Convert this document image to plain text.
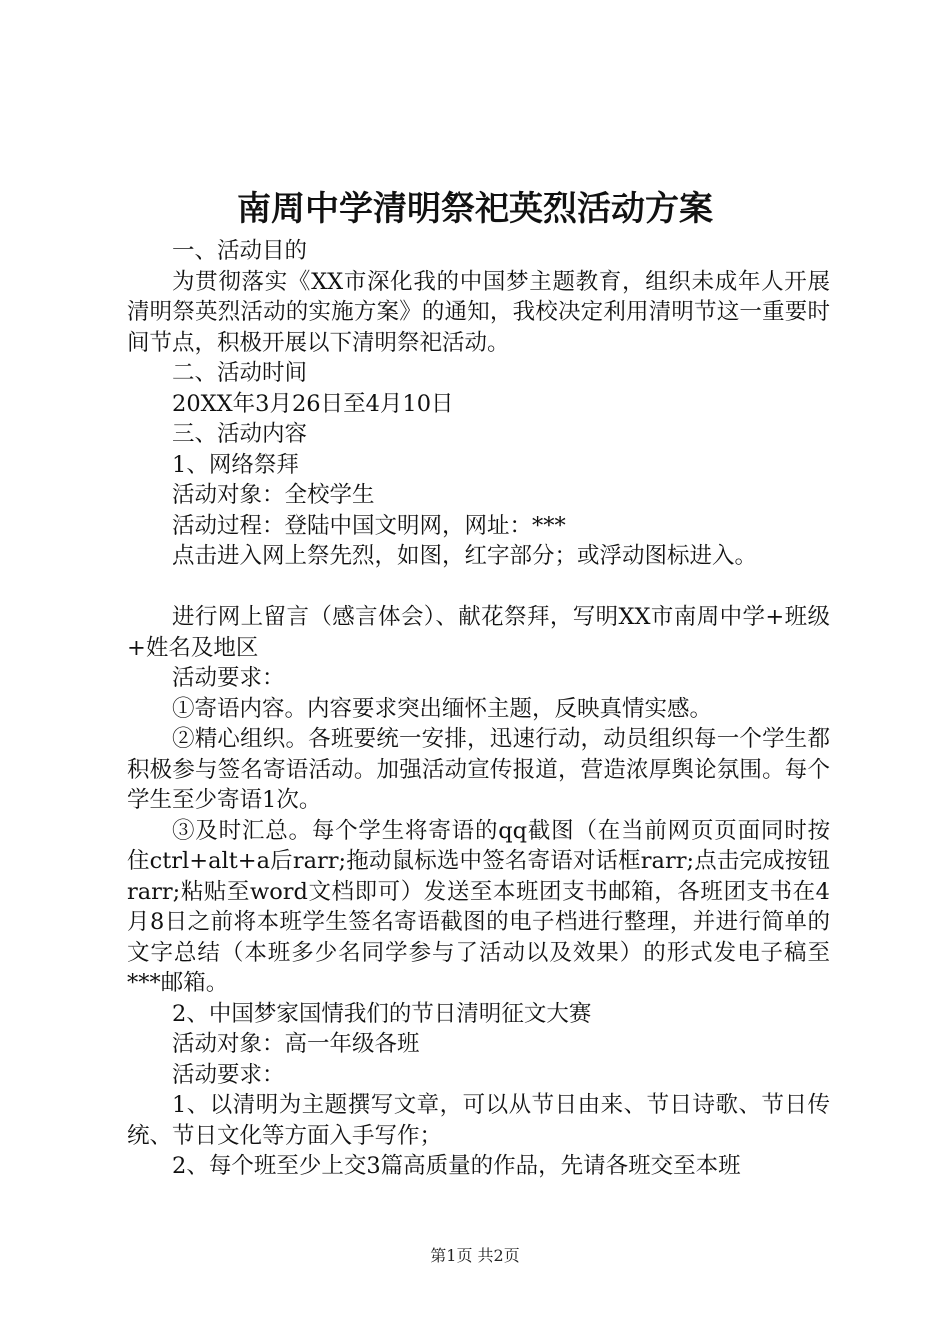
南周中学清明祭祀英烈活动方案

一、活动目的

为贯彻落实《XX市深化我的中国梦主题教育，组织未成年人开展清明祭英烈活动的实施方案》的通知，我校决定利用清明节这一重要时间节点，积极开展以下清明祭祀活动。

二、活动时间

20XX年3月26日至4月10日

三、活动内容

1、网络祭拜

活动对象：全校学生

活动过程：登陆中国文明网，网址：***

点击进入网上祭先烈，如图，红字部分；或浮动图标进入。

进行网上留言（感言体会）、献花祭拜，写明XX市南周中学+班级+姓名及地区

活动要求：

①寄语内容。内容要求突出缅怀主题，反映真情实感。

②精心组织。各班要统一安排，迅速行动，动员组织每一个学生都积极参与签名寄语活动。加强活动宣传报道，营造浓厚舆论氛围。每个学生至少寄语1次。

③及时汇总。每个学生将寄语的qq截图（在当前网页页面同时按住ctrl+alt+a后rarr;拖动鼠标选中签名寄语对话框rarr;点击完成按钮rarr;粘贴至word文档即可）发送至本班团支书邮箱，各班团支书在4月8日之前将本班学生签名寄语截图的电子档进行整理，并进行简单的文字总结（本班多少名同学参与了活动以及效果）的形式发电子稿至***邮箱。

2、中国梦家国情我们的节日清明征文大赛

活动对象：高一年级各班

活动要求：

1、以清明为主题撰写文章，可以从节日由来、节日诗歌、节日传统、节日文化等方面入手写作；

2、每个班至少上交3篇高质量的作品，先请各班交至本班

第1页 共2页
